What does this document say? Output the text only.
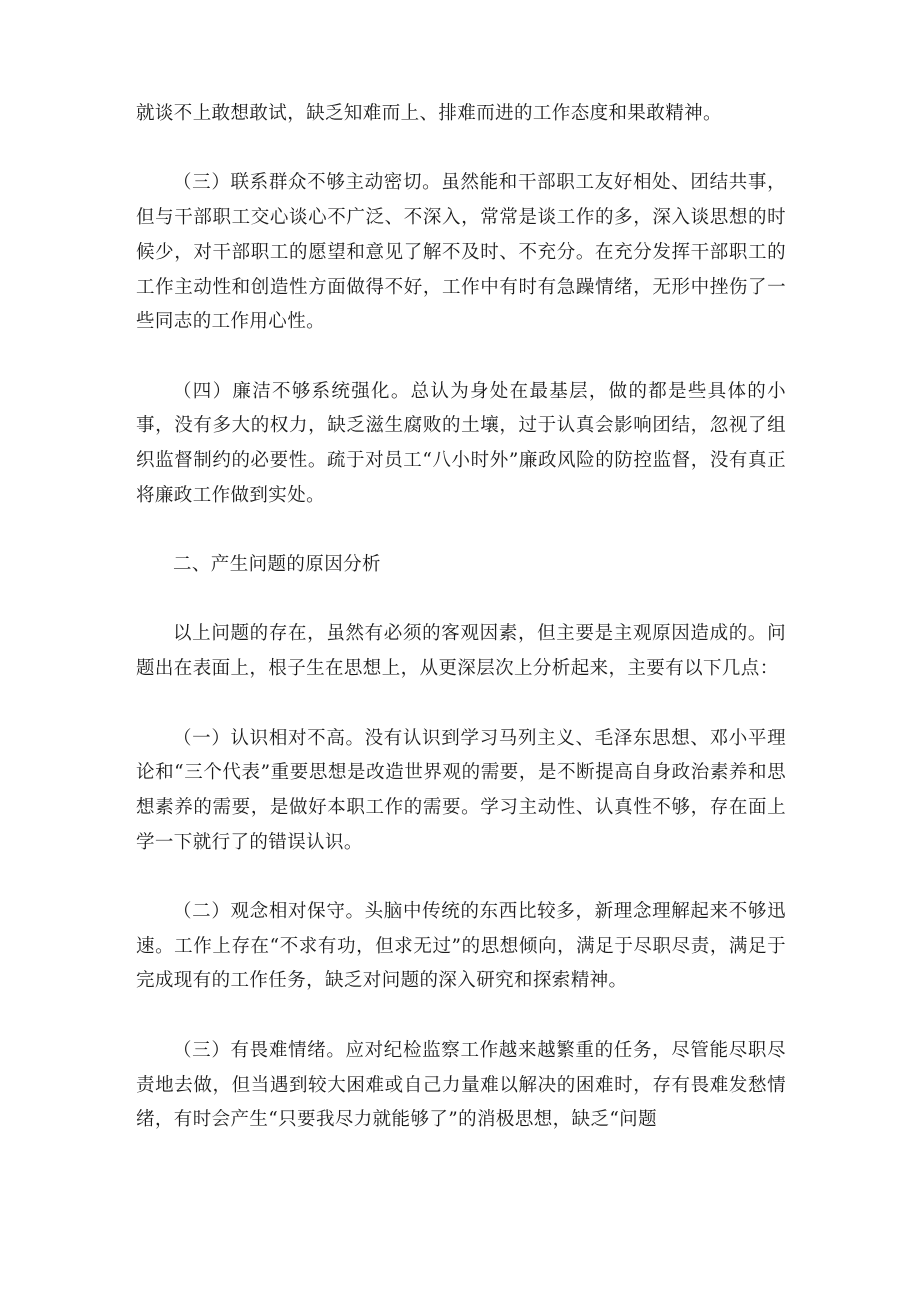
就谈不上敢想敢试，缺乏知难而上、排难而进的工作态度和果敢精神。

（三）联系群众不够主动密切。虽然能和干部职工友好相处、团结共事，但与干部职工交心谈心不广泛、不深入，常常是谈工作的多，深入谈思想的时候少，对干部职工的愿望和意见了解不及时、不充分。在充分发挥干部职工的工作主动性和创造性方面做得不好，工作中有时有急躁情绪，无形中挫伤了一些同志的工作用心性。

（四）廉洁不够系统强化。总认为身处在最基层，做的都是些具体的小事，没有多大的权力，缺乏滋生腐败的土壤，过于认真会影响团结，忽视了组织监督制约的必要性。疏于对员工“八小时外”廉政风险的防控监督，没有真正将廉政工作做到实处。

二、产生问题的原因分析

以上问题的存在，虽然有必须的客观因素，但主要是主观原因造成的。问题出在表面上，根子生在思想上，从更深层次上分析起来，主要有以下几点：

（一）认识相对不高。没有认识到学习马列主义、毛泽东思想、邓小平理论和“三个代表”重要思想是改造世界观的需要，是不断提高自身政治素养和思想素养的需要，是做好本职工作的需要。学习主动性、认真性不够，存在面上学一下就行了的错误认识。

（二）观念相对保守。头脑中传统的东西比较多，新理念理解起来不够迅速。工作上存在“不求有功，但求无过”的思想倾向，满足于尽职尽责，满足于完成现有的工作任务，缺乏对问题的深入研究和探索精神。

（三）有畏难情绪。应对纪检监察工作越来越繁重的任务，尽管能尽职尽责地去做，但当遇到较大困难或自己力量难以解决的困难时，存有畏难发愁情绪，有时会产生“只要我尽力就能够了”的消极思想，缺乏“问题
